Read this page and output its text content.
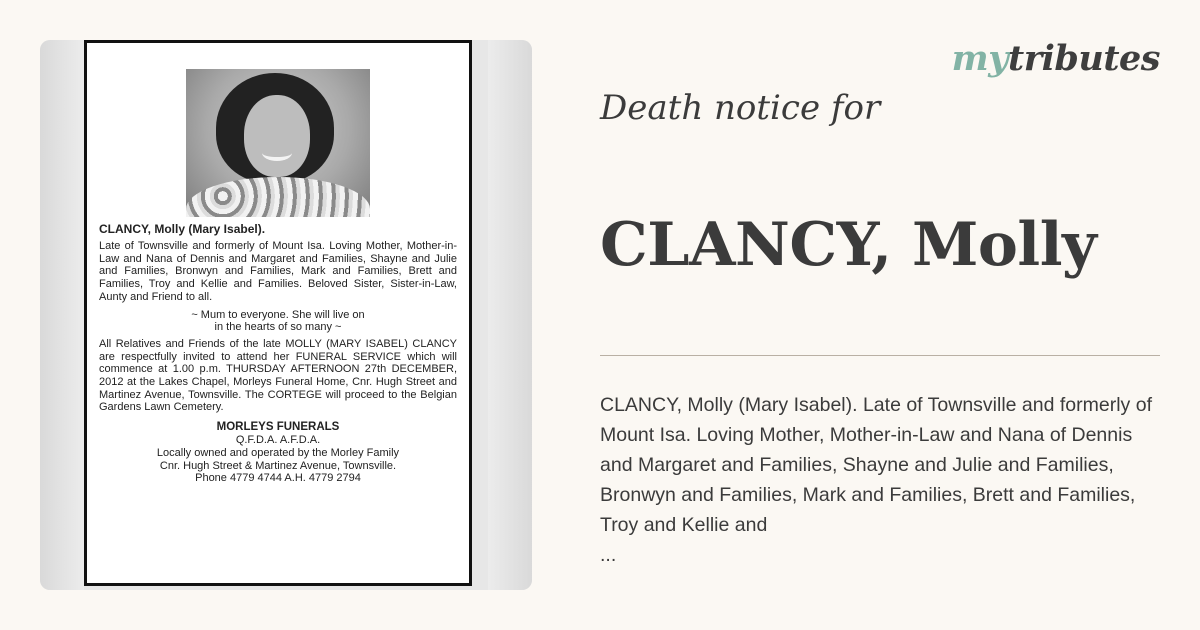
CLANCY, Molly (Mary Isabel).

Late of Townsville and formerly of Mount Isa. Loving Mother, Mother-in-Law and Nana of Dennis and Margaret and Families, Shayne and Julie and Families, Bronwyn and Families, Mark and Families, Brett and Families, Troy and Kellie and Families. Beloved Sister, Sister-in-Law, Aunty and Friend to all.

~ Mum to everyone. She will live on
in the hearts of so many ~

All Relatives and Friends of the late MOLLY (MARY ISABEL) CLANCY are respectfully invited to attend her FUNERAL SERVICE which will commence at 1.00 p.m. THURSDAY AFTERNOON 27th DECEMBER, 2012 at the Lakes Chapel, Morleys Funeral Home, Cnr. Hugh Street and Martinez Avenue, Townsville. The CORTEGE will proceed to the Belgian Gardens Lawn Cemetery.

MORLEYS FUNERALS

Q.F.D.A. A.F.D.A.

Locally owned and operated by the Morley Family

Cnr. Hugh Street & Martinez Avenue, Townsville.

Phone 4779 4744 A.H. 4779 2794

mytributes
Death notice for
CLANCY, Molly

CLANCY, Molly (Mary Isabel). Late of Townsville and formerly of Mount Isa. Loving Mother, Mother-in-Law and Nana of Dennis and Margaret and Families, Shayne and Julie and Families, Bronwyn and Families, Mark and Families, Brett and Families, Troy and Kellie and

...
